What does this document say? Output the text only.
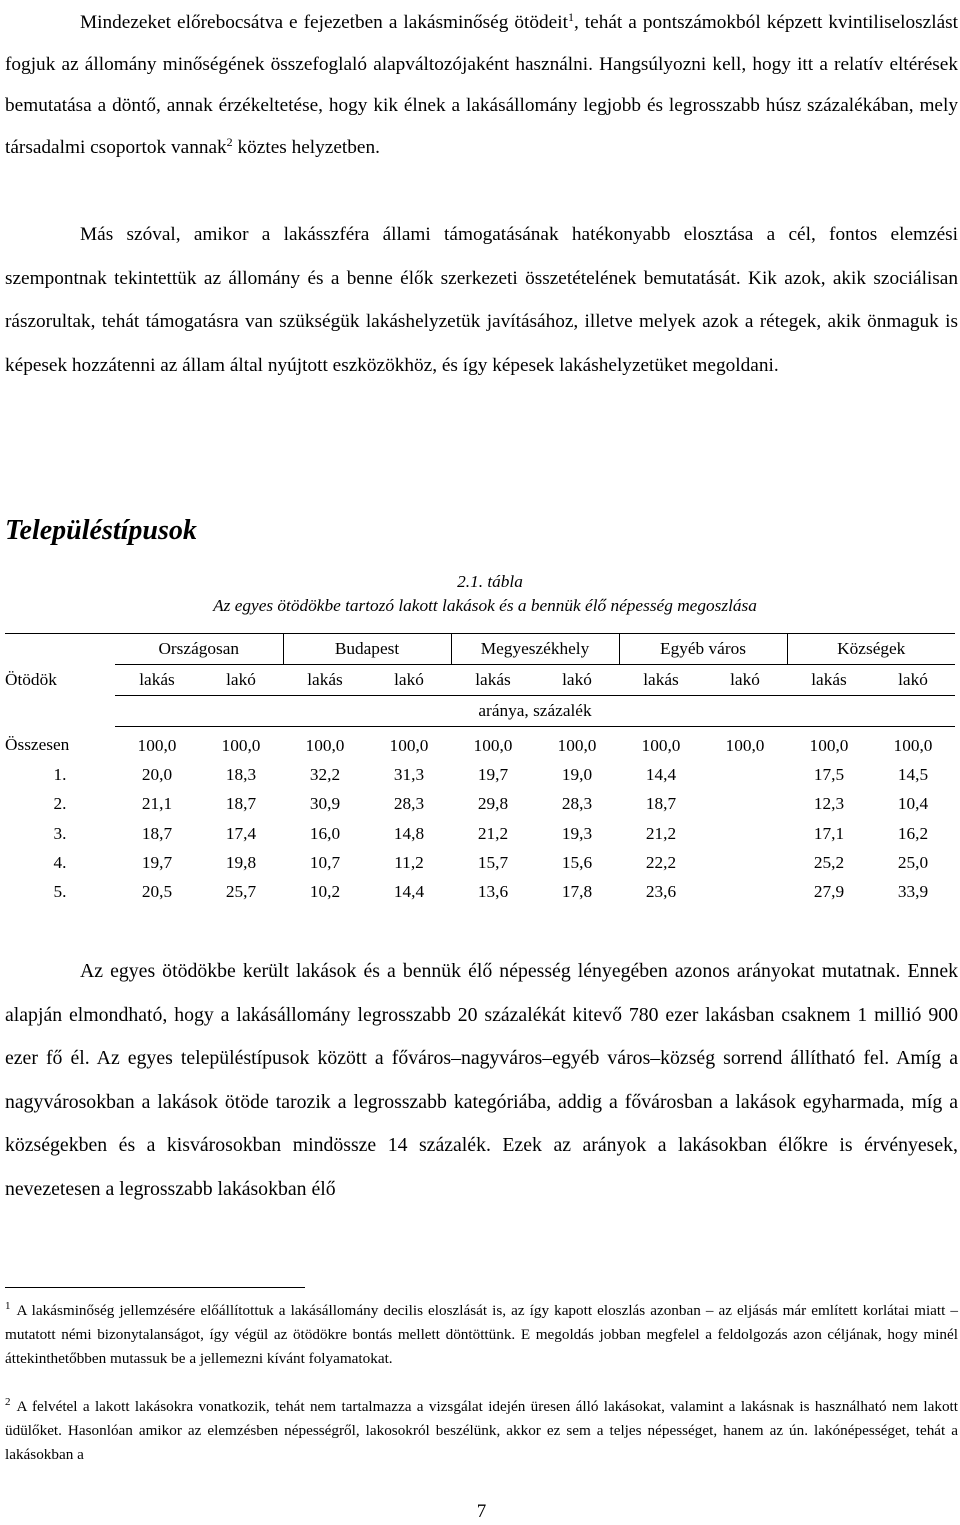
Mindezeket előrebocsátva e fejezetben a lakásminőség ötödeit$^1$, tehát a pontszámokból képzett kvintiliseloszlást fogjuk az állomány minőségének összefoglaló alapváltozójaként használni. Hangsúlyozni kell, hogy itt a relatív eltérések bemutatása a döntő, annak érzékeltetése, hogy kik élnek a lakásállomány legjobb és legrosszabb húsz százalékában, mely társadalmi csoportok vannak$^2$ köztes helyzetben.

Más szóval, amikor a lakásszféra állami támogatásának hatékonyabb elosztása a cél, fontos elemzési szempontnak tekintettük az állomány és a benne élők szerkezeti összetételének bemutatását. Kik azok, akik szociálisan rászorultak, tehát támogatásra van szükségük lakáshelyzetük javításához, illetve melyek azok a rétegek, akik önmaguk is képesek hozzátenni az állam által nyújtott eszközökhöz, és így képesek lakáshelyzetüket megoldani.

Településtípusok
2.1. tábla
Az egyes ötödökbe tartozó lakott lakások és a bennük élő népesség megoszlása
Ötödök	Országosan		Budapest		Megyeszékhely		Egyéb város		Községek	
	lakás	lakó	lakás	lakó	lakás	lakó	lakás	lakó	lakás	lakó
	aránya, százalék									
Összesen	100,0	100,0	100,0	100,0	100,0	100,0	100,0	100,0	100,0	100,0
1.	20,0	18,3	32,2	31,3	19,7	19,0	14,4		17,5	14,5
2.	21,1	18,7	30,9	28,3	29,8	28,3	18,7		12,3	10,4
3.	18,7	17,4	16,0	14,8	21,2	19,3	21,2		17,1	16,2
4.	19,7	19,8	10,7	11,2	15,7	15,6	22,2		25,2	25,0
5.	20,5	25,7	10,2	14,4	13,6	17,8	23,6		27,9	33,9

Az egyes ötödökbe került lakások és a bennük élő népesség lényegében azonos arányokat mutatnak. Ennek alapján elmondható, hogy a lakásállomány legrosszabb 20 százalékát kitevő 780 ezer lakásban csaknem 1 millió 900 ezer fő él. Az egyes településtípusok között a főváros–nagyváros–egyéb város–község sorrend állítható fel. Amíg a nagyvárosokban a lakások ötöde tarozik a legrosszabb kategóriába, addig a fővárosban a lakások egyharmada, míg a községekben és a kisvárosokban mindössze 14 százalék. Ezek az arányok a lakásokban élőkre is érvényesek, nevezetesen a legrosszabb lakásokban élő

$^1$ A lakásminőség jellemzésére előállítottuk a lakásállomány decilis eloszlását is, az így kapott eloszlás azonban – az eljásás már említett korlátai miatt – mutatott némi bizonytalanságot, így végül az ötödökre bontás mellett döntöttünk. E megoldás jobban megfelel a feldolgozás azon céljának, hogy minél áttekinthetőbben mutassuk be a jellemezni kívánt folyamatokat.

$^2$ A felvétel a lakott lakásokra vonatkozik, tehát nem tartalmazza a vizsgálat idején üresen álló lakásokat, valamint a lakásnak is használható nem lakott üdülőket. Hasonlóan amikor az elemzésben népességről, lakosokról beszélünk, akkor ez sem a teljes népességet, hanem az ún. lakónépességet, tehát a lakásokban a

7
